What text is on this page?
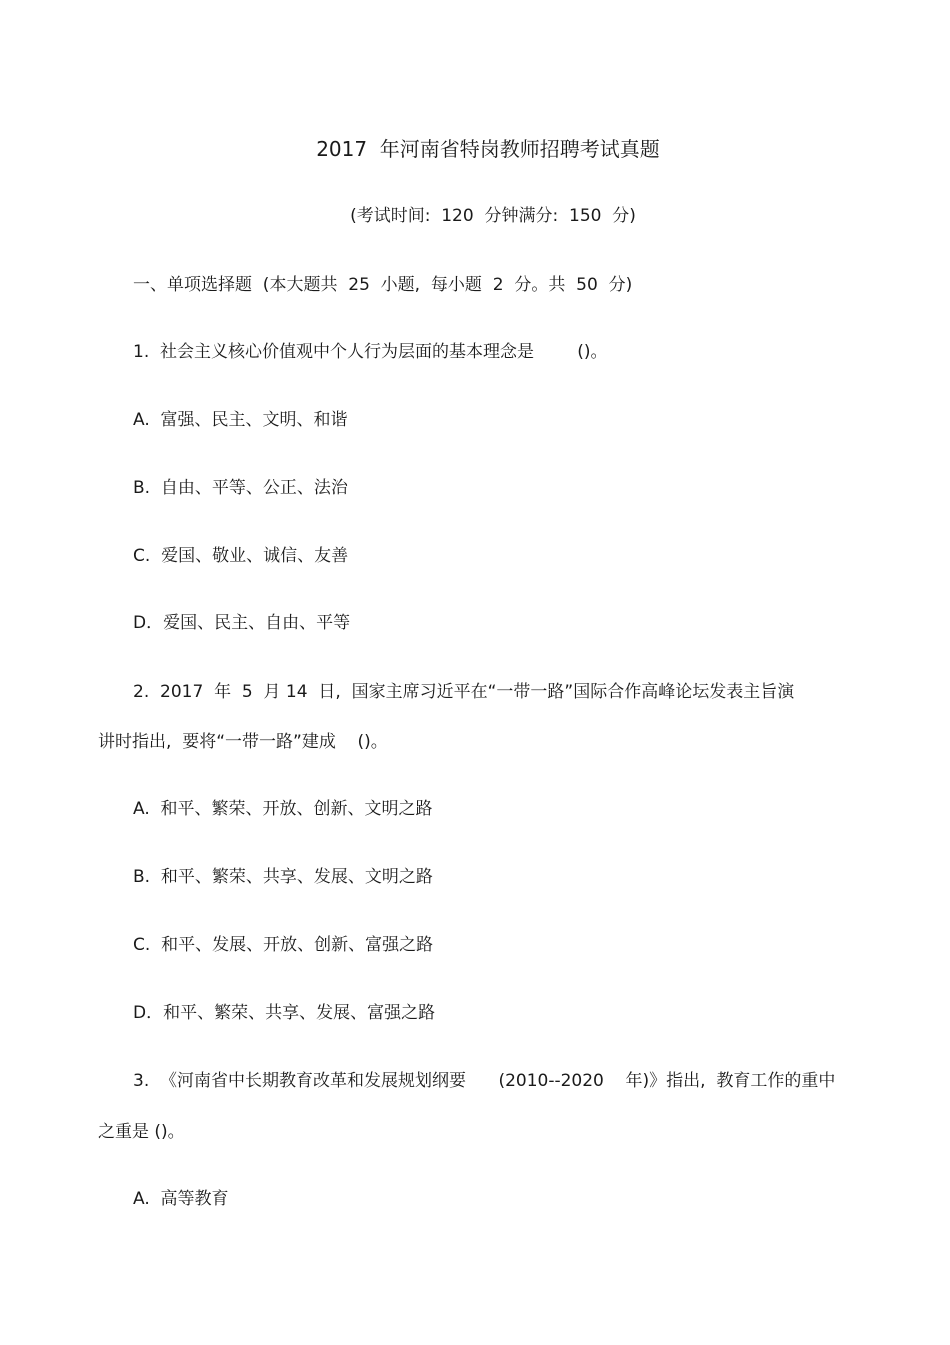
2017  年河南省特岗教师招聘考试真题
(考试时间:  120  分钟满分:  150  分)
一、单项选择题  (本大题共  25  小题,  每小题  2  分。共  50  分)
1.  社会主义核心价值观中个人行为层面的基本理念是        ()。
A.  富强、民主、文明、和谐
B.  自由、平等、公正、法治
C.  爱国、敬业、诚信、友善
D．爱国、民主、自由、平等
2.  2017  年  5  月 14  日,  国家主席习近平在“一带一路”国际合作高峰论坛发表主旨演
讲时指出,  要将“一带一路”建成    ()。
A.  和平、繁荣、开放、创新、文明之路
B.  和平、繁荣、共享、发展、文明之路
C.  和平、发展、开放、创新、富强之路
D．和平、繁荣、共享、发展、富强之路
3.  《河南省中长期教育改革和发展规划纲要      (2010--2020    年)》指出,  教育工作的重中
之重是 ()。
A.  高等教育
